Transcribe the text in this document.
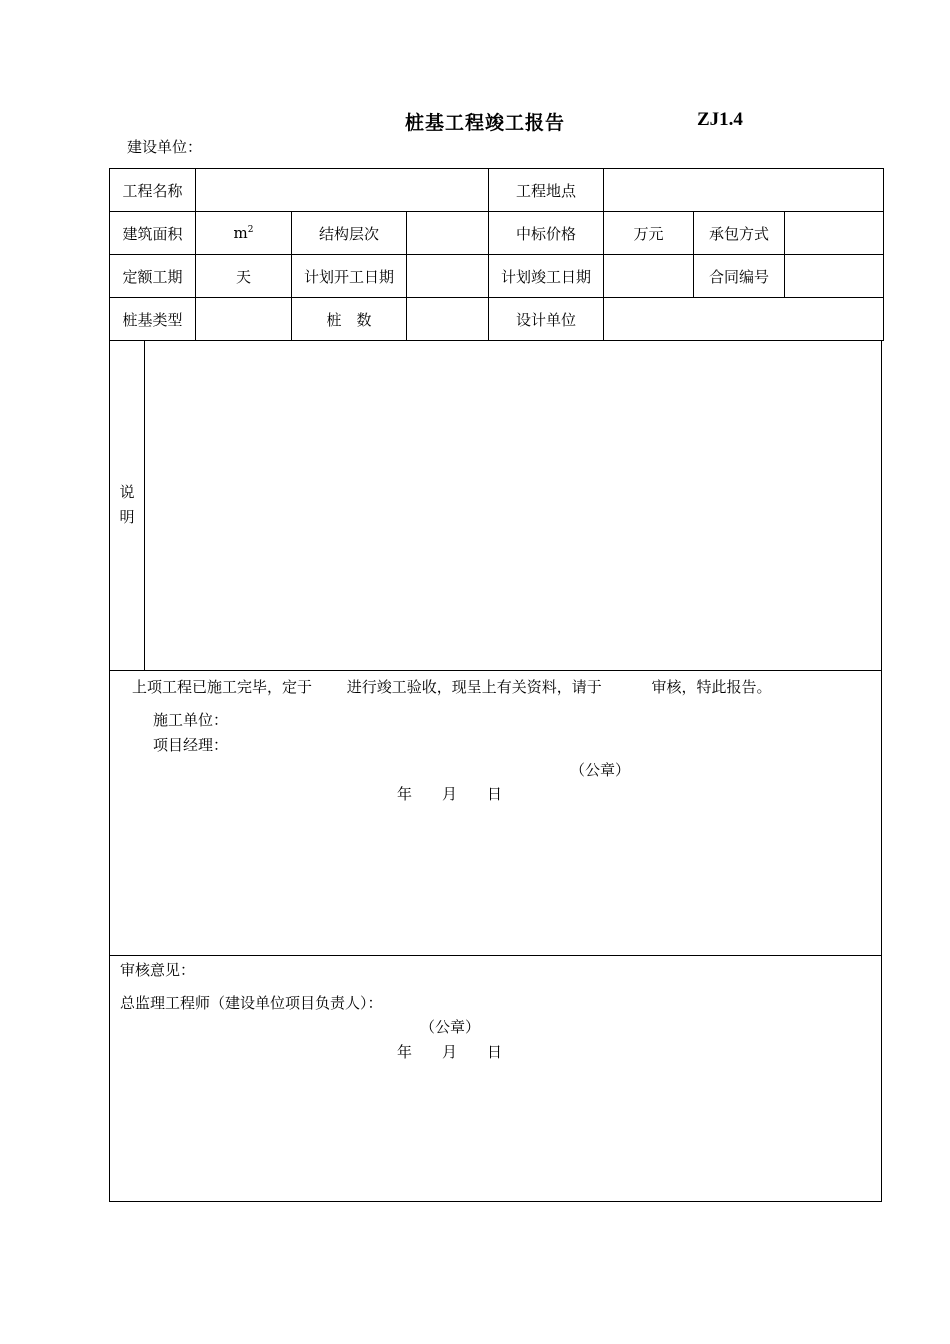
桩基工程竣工报告	ZJ1.4
建设单位：
工程名称				工程地点			
建筑面积	$m^2$	结构层次		中标价格	万元	承包方式	
定额工期	天	计划开工日期		计划竣工日期		合同编号	
桩基类型		桩　数		设计单位			
说
明
上项工程已施工完毕，定于　　 进行竣工验收，现呈上有关资料，请于　　　 审核，特此报告。
施工单位：
项目经理：
（公章）
年　　月　　日
审核意见：
总监理工程师（建设单位项目负责人）：
（公章）
年　　月　　日
